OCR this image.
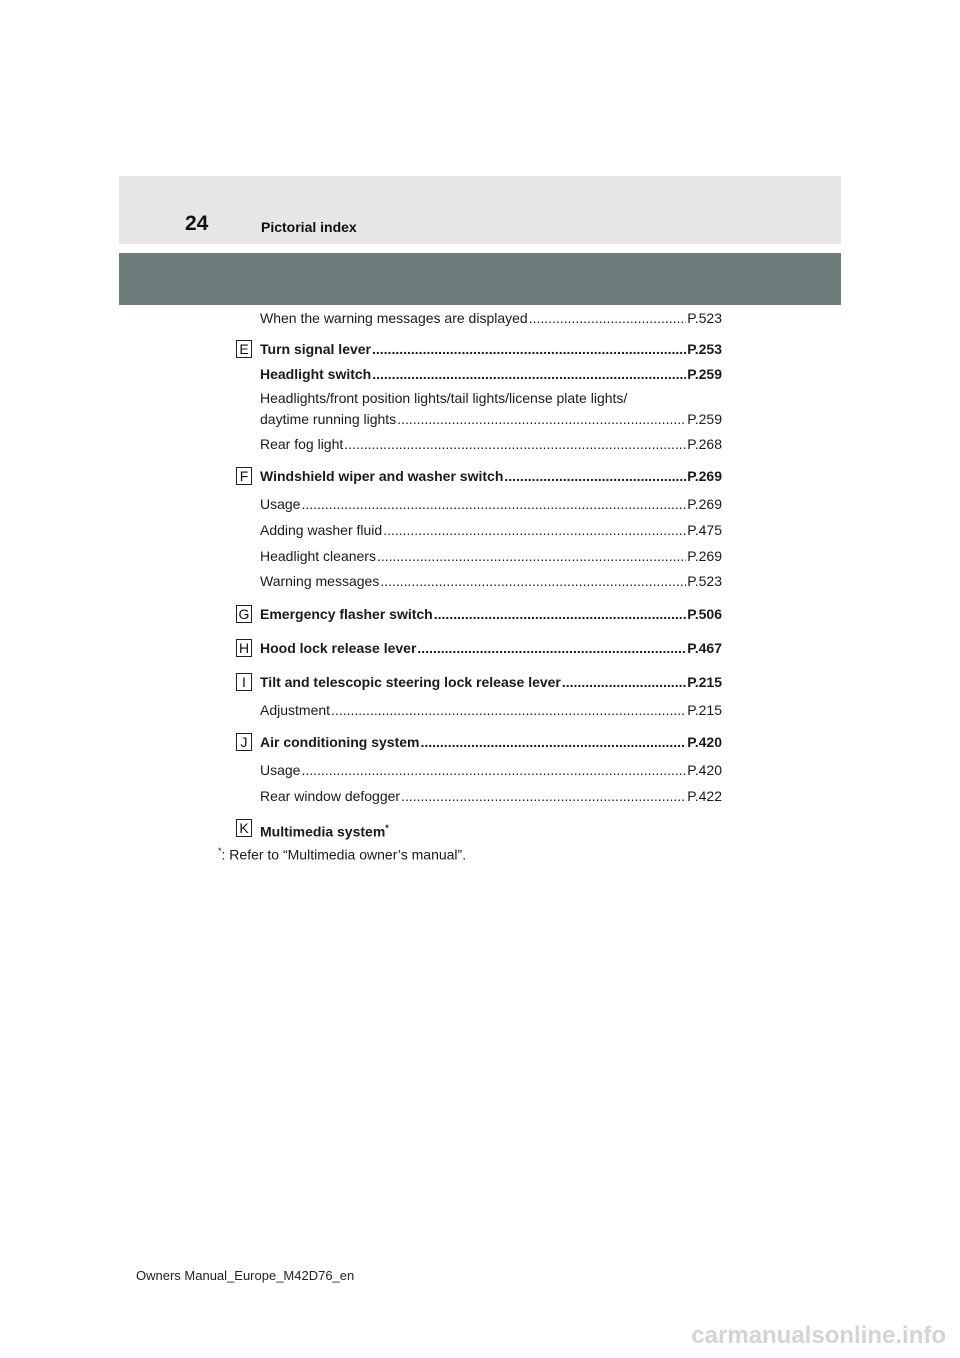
24	Pictorial index
When the warning messages are displayed .....	P.523
E Turn signal lever .....	P.253
Headlight switch .....	P.259
Headlights/front position lights/tail lights/license plate lights/
daytime running lights .....	P.259
Rear fog light .....	P.268
F Windshield wiper and washer switch .....	P.269
Usage .....	P.269
Adding washer fluid .....	P.475
Headlight cleaners .....	P.269
Warning messages .....	P.523
G Emergency flasher switch .....	P.506
H Hood lock release lever .....	P.467
I	Tilt and telescopic steering lock release lever .....	P.215
Adjustment .....	P.215
J Air conditioning system .....	P.420
Usage .....	P.420
Rear window defogger .....	P.422
K Multimedia system*
*: Refer to “Multimedia owner’s manual”.
Owners Manual_Europe_M42D76_en
carmanualsonline.info
